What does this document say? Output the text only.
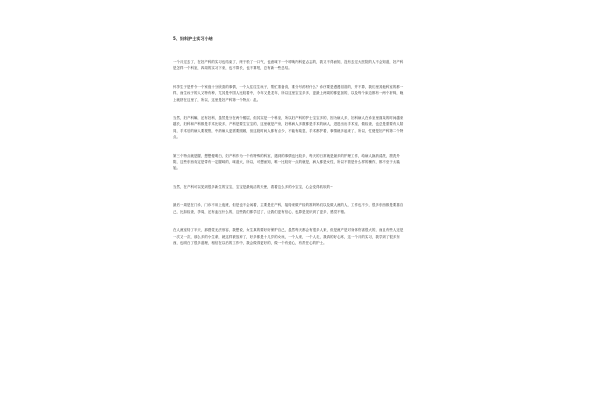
5、妇科护士实习小结
一个月过去了，在妇产科的实习也结束了，终于松了一口气，也意味下一个呼唤内科更忐忑的，我又不得而知，没有去过大医院的人不会知道，妇产科是怎样一个科室，四周的实习下来，也不算长，也不算短，总有新一些总结。
怀孕生子是件令一个家庭十分欣喜的事情，一个人往往生孩子，帮忙准备食，准分号药材什么？诊疗要是漫漫泪泪的，并不算，我们里其他科室的都一样，而生孩子的人又特有种，尤其是中国人比较看中，今年又是龙年，所以这里宝宝多多，更最上两周的都更加的，以及每个床边都有一两个折椅，晚上就挤在这里了，所以，这里是妇产科第一个特点：乱。
当然，妇产科嘛，还有妇科，虽然是分在两个楼层，但其实是一个科室，所以妇产科的护士宝宝多的，因为病人多，妇科病人在诊室里面呆的时间越来越长，妇科和产科都是手术比较多，产科是要生宝宝的，这里就是产房，妇科病人多数都是手术的病人，进进出出手术室，做检查，也总是需要有人陪同，手术后的病人要观察，中药病人更需要照顾，但这段时间人都有点少，不能有疏忽，手术都护着，事情就多起来了，所以，忙便是妇产科第二个特点。
第三个特点就是腥，想想便明白，妇产科作为一个有特殊的科室，遇到的事情也比较多，每天的日常就是最多的护理工作，给病人换药清洗，擦洗外阴，这些东西肯定是带有一定腥味的，味道大，所以，可想而知，唯一比较好一点的就是，病人都是女性，所以不管是什么样的操作，都不至于太尴尬。
当然，在产科可以见到很多新生的宝宝，宝宝是最纯洁的天使，看着这么多的小宝宝，心会变得软软的~
最后一周是在门诊，门诊不用上夜班，但是也不会闲着，主要是在产科，接待来做产检的准妈妈们以及做人流的人，工作也不少，很多东西都是要靠自己，比如检查，孕周，还有血压什么的，这些我们都学过了，让我们更有信心，也算是见识到了更多，感觉不错。
在人流室待了半天，那感觉无法形容，我想说，女生真的要好好保护自己，虽然每天都会有很多人来，但是流产是对身体伤害很大的，而且有些人还是一次又一次，那么多的小生命，就这样被放弃了，好多都是十几岁的女孩，一个人来，一个人走，我真的好心疼，这一个月的实习，我学到了很多东西，也明白了很多道理，相信在以后的工作中，我会做得更好的，做一个有爱心，有责任心的护士。
